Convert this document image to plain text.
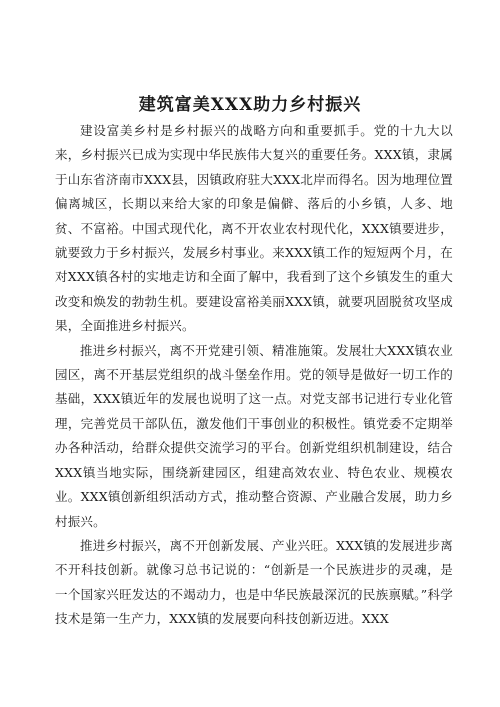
建筑富美XXX助力乡村振兴

建设富美乡村是乡村振兴的战略方向和重要抓手。党的十九大以来，乡村振兴已成为实现中华民族伟大复兴的重要任务。XXX镇，隶属于山东省济南市XXX县，因镇政府驻大XXX北岸而得名。因为地理位置偏离城区，长期以来给大家的印象是偏僻、落后的小乡镇，人多、地贫、不富裕。中国式现代化，离不开农业农村现代化，XXX镇要进步，就要致力于乡村振兴，发展乡村事业。来XXX镇工作的短短两个月，在对XXX镇各村的实地走访和全面了解中，我看到了这个乡镇发生的重大改变和焕发的勃勃生机。要建设富裕美丽XXX镇，就要巩固脱贫攻坚成果，全面推进乡村振兴。

推进乡村振兴，离不开党建引领、精准施策。发展壮大XXX镇农业园区，离不开基层党组织的战斗堡垒作用。党的领导是做好一切工作的基础，XXX镇近年的发展也说明了这一点。对党支部书记进行专业化管理，完善党员干部队伍，激发他们干事创业的积极性。镇党委不定期举办各种活动，给群众提供交流学习的平台。创新党组织机制建设，结合XXX镇当地实际，围绕新建园区，组建高效农业、特色农业、规模农业。XXX镇创新组织活动方式，推动整合资源、产业融合发展，助力乡村振兴。

推进乡村振兴，离不开创新发展、产业兴旺。XXX镇的发展进步离不开科技创新。就像习总书记说的：“创新是一个民族进步的灵魂，是一个国家兴旺发达的不竭动力，也是中华民族最深沉的民族禀赋。”科学技术是第一生产力，XXX镇的发展要向科技创新迈进。XXX
